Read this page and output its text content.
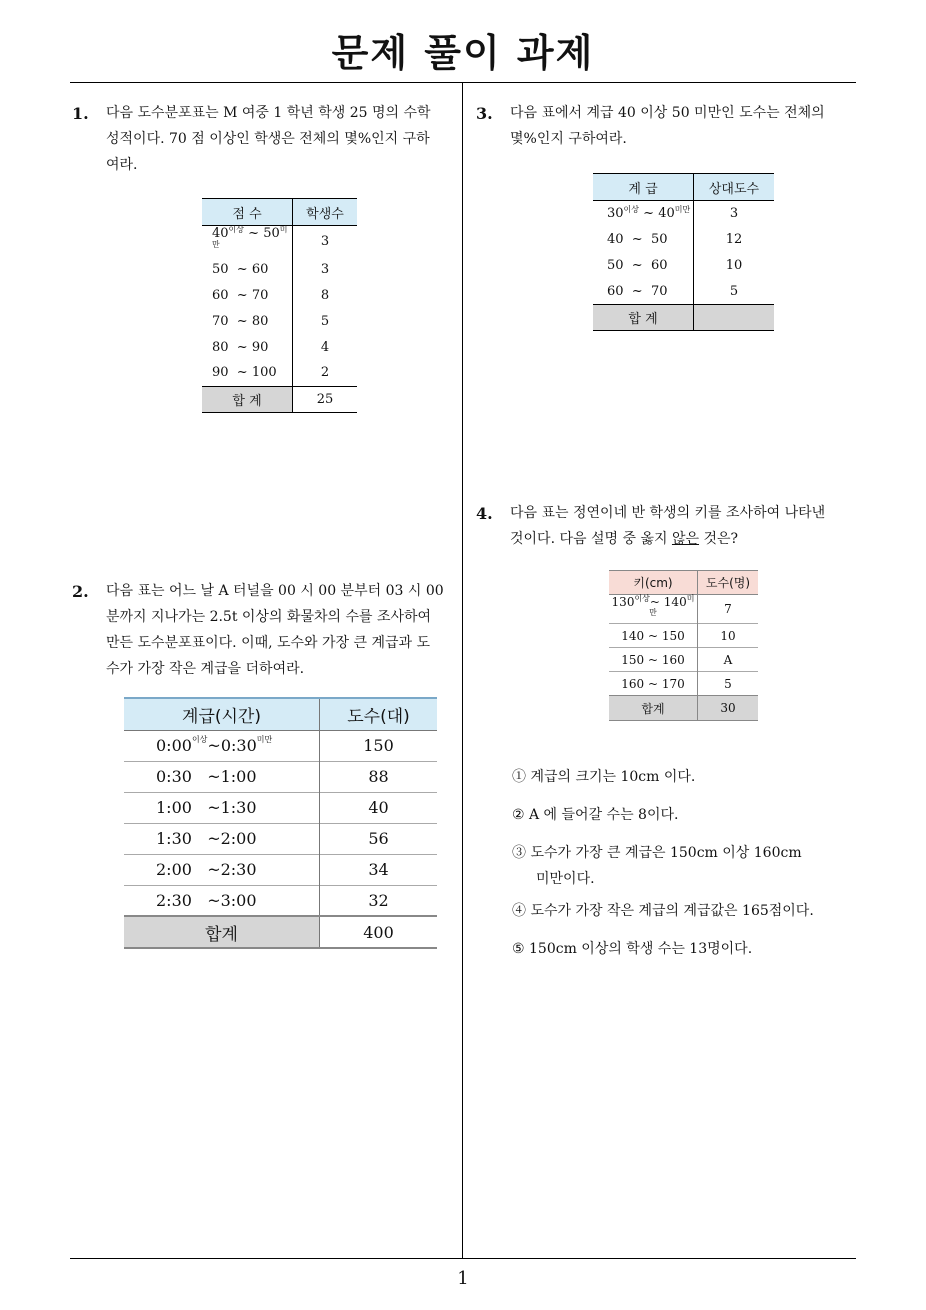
문제 풀이 과제
1
1. 다음 도수분포표는 M 여중 1 학년 학생 25 명의 수학
성적이다. 70 점 이상인 학생은 전체의 몇%인지 구하
여라.
점 수	학생수
$40^{이상}$ ~ $50^{미만}$	3
50  ~ 60	3
60  ~ 70	8
70  ~ 80	5
80  ~ 90	4
90  ~ 100	2
합 계	25
2. 다음 표는 어느 날 A 터널을 00 시 00 분부터 03 시 00
분까지 지나가는 2.5t 이상의 화물차의 수를 조사하여
만든 도수분포표이다. 이때, 도수와 가장 큰 계급과 도
수가 가장 작은 계급을 더하여라.
계급(시간)	도수(대)
$0:00^{이상}\sim 0:30^{미만}$	150
0:30 ~1:00	88
1:00 ~1:30	40
1:30 ~2:00	56
2:00 ~2:30	34
2:30 ~3:00	32
합계	400
3. 다음 표에서 계급 40 이상 50 미만인 도수는 전체의
몇%인지 구하여라.
계 급	상대도수
$30^{이상}$ ~ $40^{미만}$	3
40  ~  50	12
50  ~  60	10
60  ~  70	5
합 계	
4. 다음 표는 정연이네 반 학생의 키를 조사하여 나타낸
것이다. 다음 설명 중 옳지 않은 것은?
키(cm)	도수(명)
$130^{이상}\sim$ $140^{미만}$	7
140 ~ 150	10
150 ~ 160	A
160 ~ 170	5
합계	30
① 계급의 크기는 10cm 이다.
② A 에 들어갈 수는 8이다.
③ 도수가 가장 큰 계급은 150cm 이상 160cm
미만이다.
④ 도수가 가장 작은 계급의 계급값은 165점이다.
⑤ 150cm 이상의 학생 수는 13명이다.
